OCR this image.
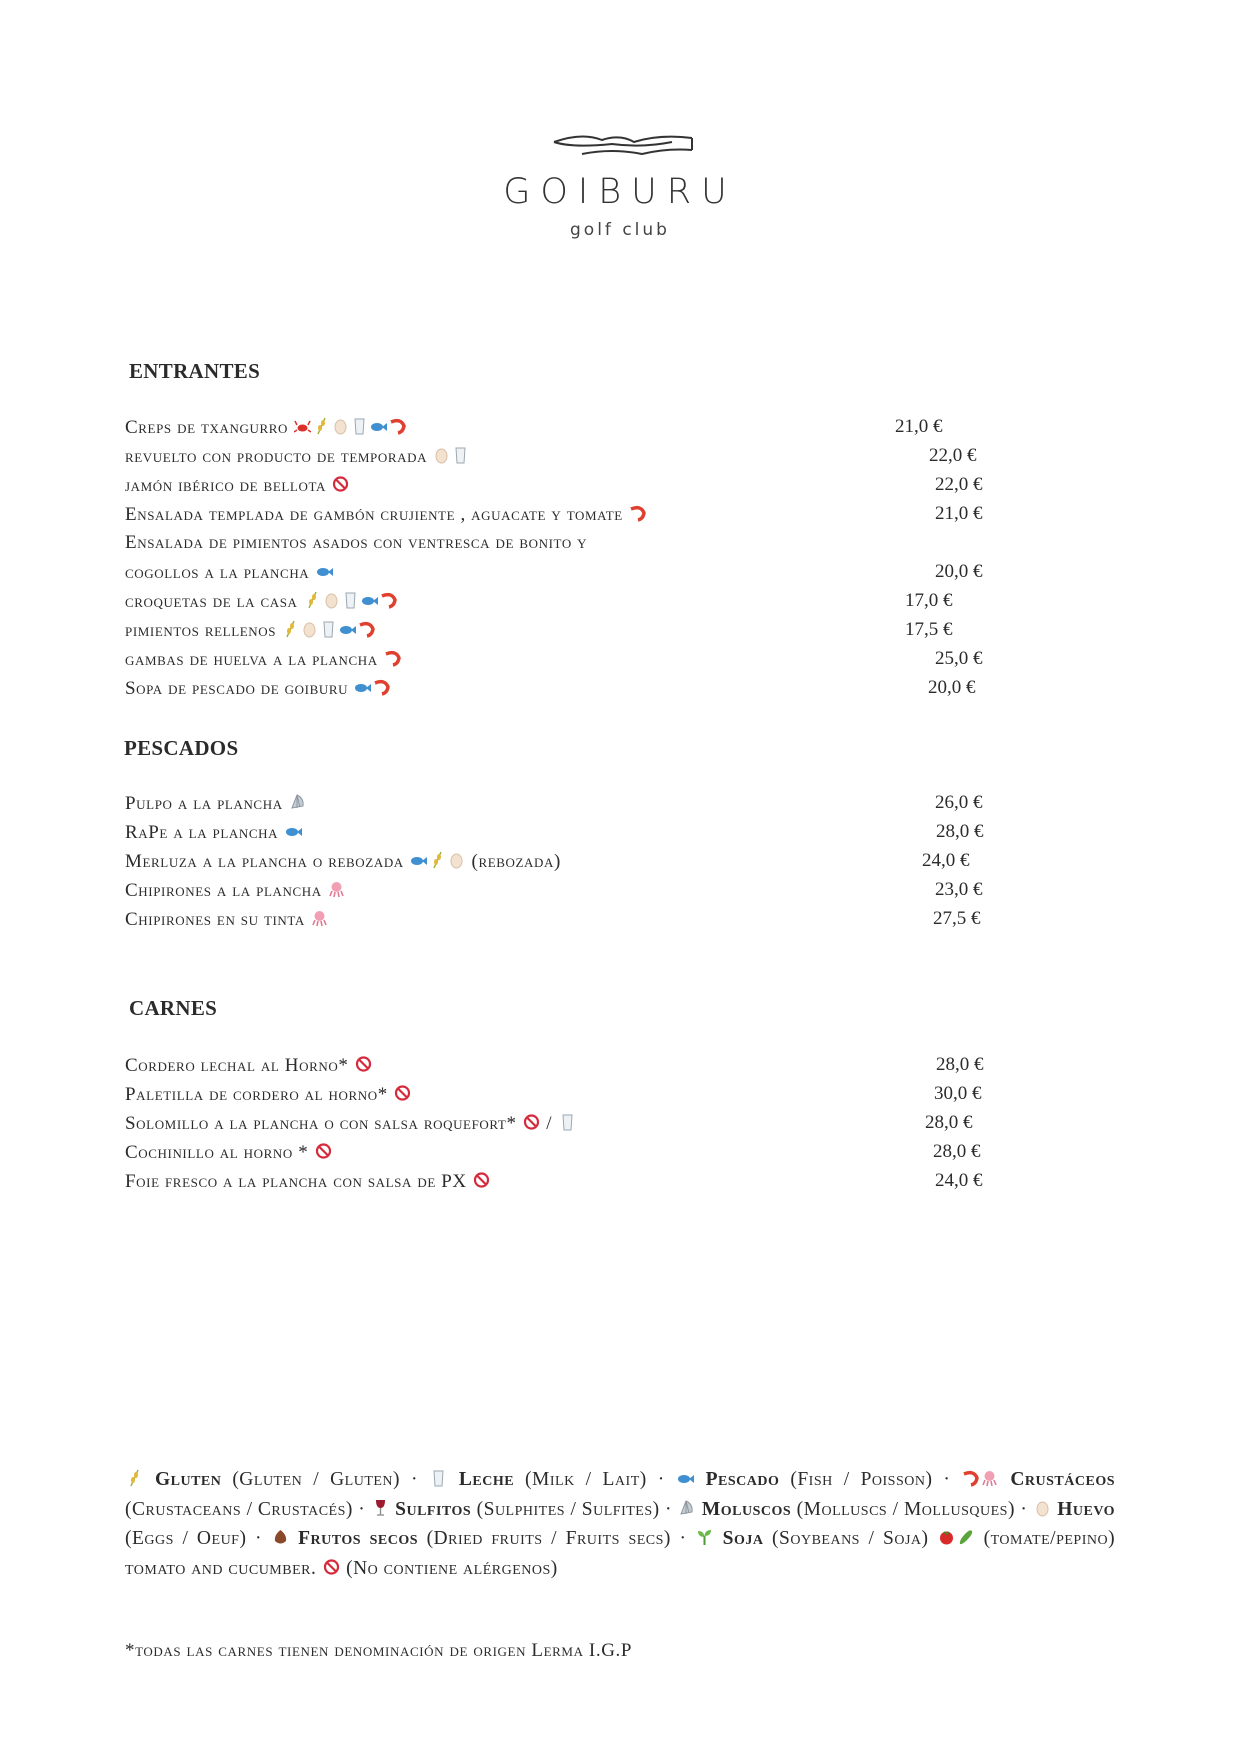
GOIBURU
golf club
ENTRANTES
Creps de txangurro	21,0 €
revuelto con producto de temporada	22,0 €
jamón ibérico de bellota	22,0 €
Ensalada templada de gambón crujiente , aguacate y tomate	21,0 €
Ensalada de pimientos asados con ventresca de bonito y
cogollos a la plancha	20,0 €
croquetas de la casa	17,0 €
pimientos rellenos	17,5 €
gambas de huelva a la plancha	25,0 €
Sopa de pescado de goiburu	20,0 €
PESCADOS
Pulpo a la plancha	26,0 €
RaPe a la plancha	28,0 €
Merluza a la plancha o rebozada	(rebozada)	24,0 €
Chipirones a la plancha	23,0 €
Chipirones en su tinta	27,5 €
CARNES
Cordero lechal al Horno*	28,0 €
Paletilla de cordero al horno*	30,0 €
Solomillo a la plancha o con salsa roquefort*  /	28,0 €
Cochinillo al horno *	28,0 €
Foie fresco a la plancha con salsa de PX	24,0 €
Gluten (Gluten / Gluten) ·  Leche (Milk / Lait) ·  Pescado (Fish / Poisson) ·	Crustáceos (Crustaceans / Crustacés) ·  Sulfitos (Sulphites / Sulfites) ·  Moluscos (Molluscs / Mollusques) ·  Huevo (Eggs / Oeuf) ·  Frutos secos (Dried fruits / Fruits secs) ·  Soja (Soybeans / Soja)	(tomate/pepino) tomato and cucumber. (No contiene alérgenos)
*todas las carnes tienen denominación de origen Lerma I.G.P
